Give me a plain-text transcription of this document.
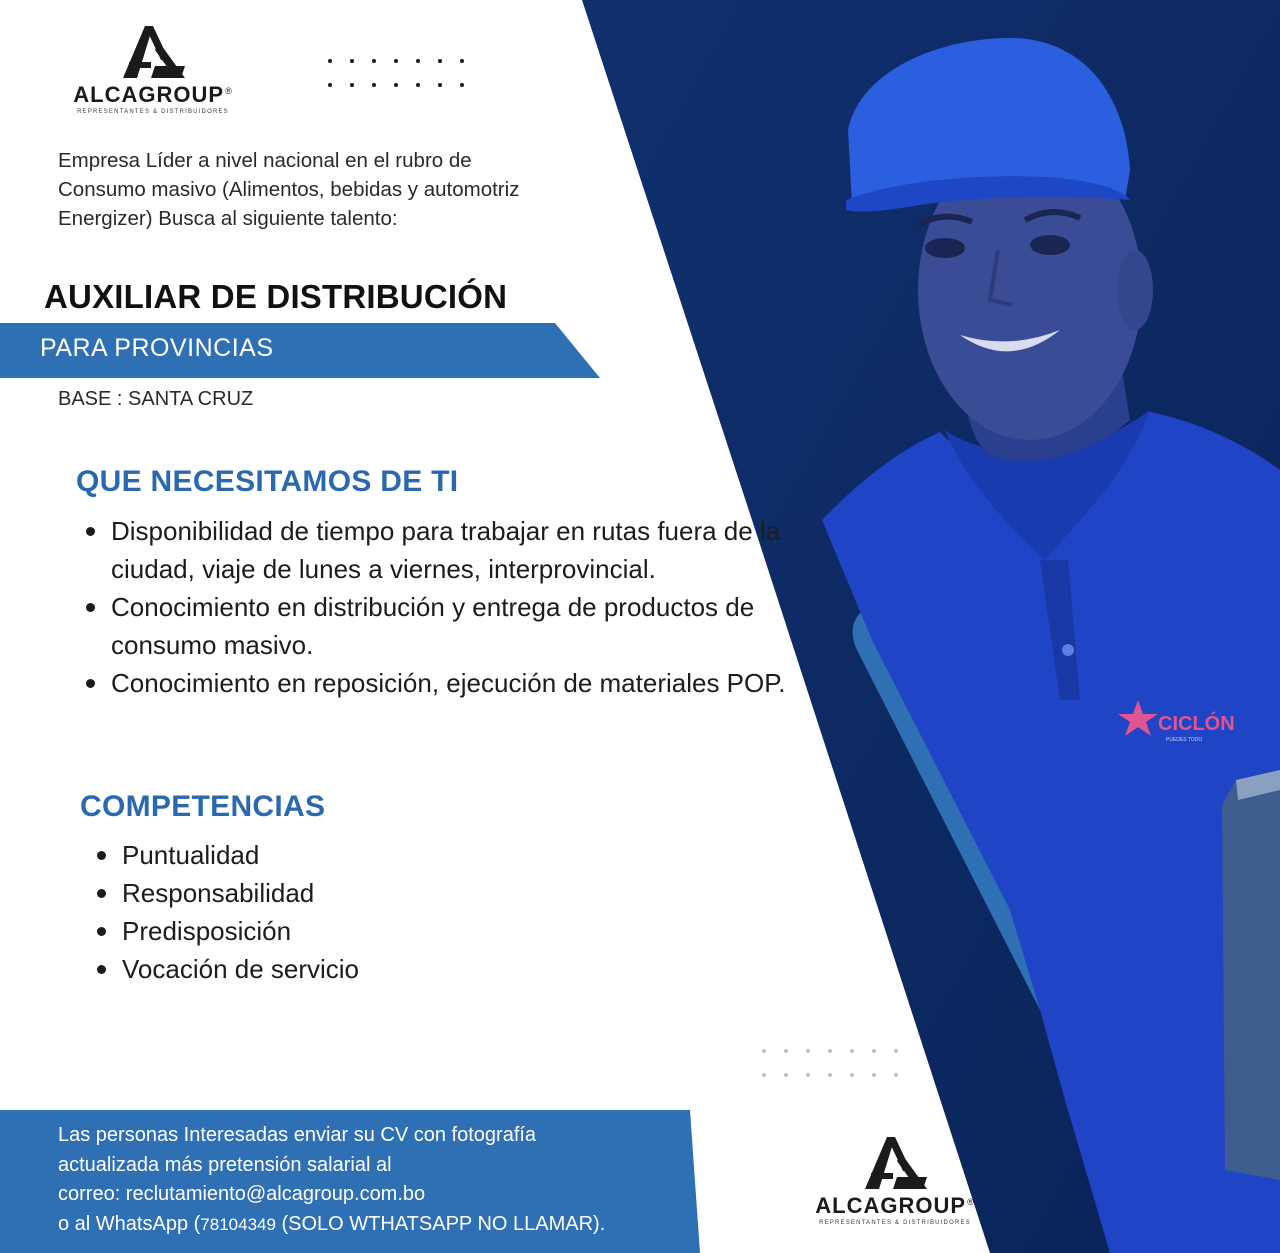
CICLÓN
PUEDES TODO
ALCAGROUP®
REPRESENTANTES & DISTRIBUIDORES
Empresa Líder a nivel nacional en el rubro de
Consumo masivo (Alimentos, bebidas y automotriz
Energizer) Busca al siguiente talento:
AUXILIAR DE DISTRIBUCIÓN
PARA PROVINCIAS
BASE : SANTA CRUZ
QUE NECESITAMOS DE TI
Disponibilidad de tiempo para trabajar en rutas fuera de la ciudad, viaje de lunes a viernes, interprovincial.
Conocimiento en distribución y entrega de productos de consumo masivo.
Conocimiento en reposición, ejecución de materiales POP.
COMPETENCIAS
Puntualidad
Responsabilidad
Predisposición
Vocación de servicio
Las personas Interesadas enviar su CV con fotografía
actualizada más pretensión salarial al
correo: reclutamiento@alcagroup.com.bo
o al WhatsApp (78104349 (SOLO WTHATSAPP NO LLAMAR).
ALCAGROUP®
REPRESENTANTES & DISTRIBUIDORES
